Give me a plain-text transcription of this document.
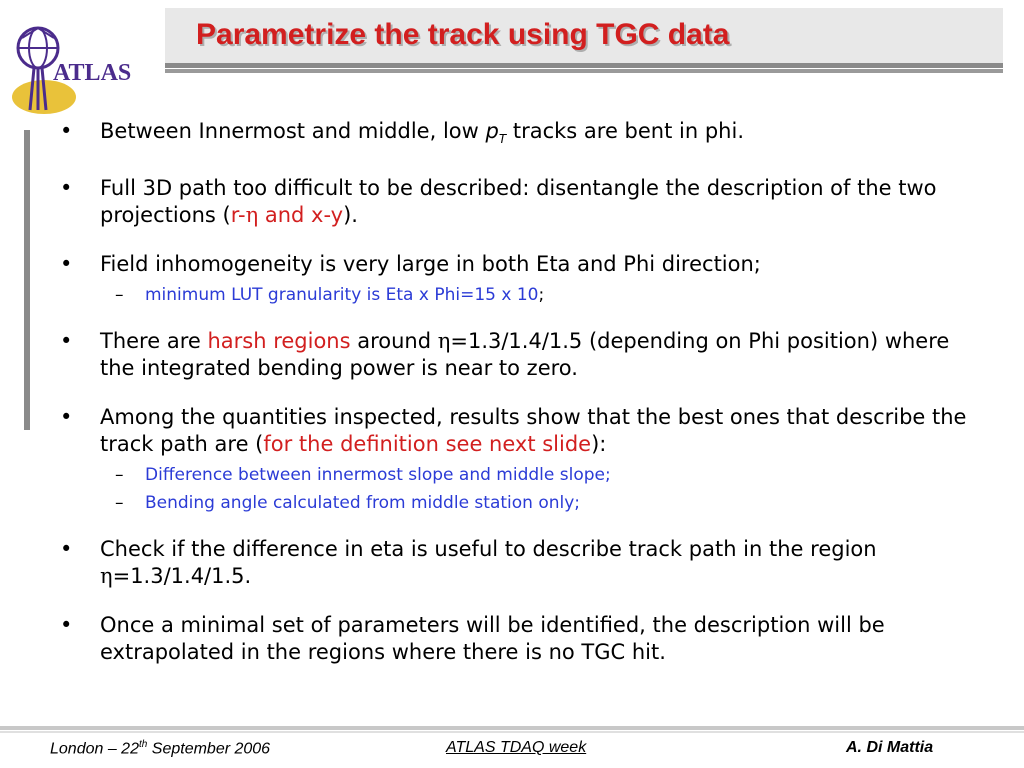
ATLAS
Parametrize the track using TGC data
• Between Innermost and middle, low $p_T$ tracks are bent in phi.
• Full 3D path too difficult to be described: disentangle the description of the two projections (r-η and x-y).
• Field inhomogeneity is very large in both Eta and Phi direction;
– minimum LUT granularity is Eta x Phi=15 x 10;
• There are harsh regions around η=1.3/1.4/1.5 (depending on Phi position) where the integrated bending power is near to zero.
• Among the quantities inspected, results show that the best ones that describe the track path are (for the definition see next slide):
– Difference between innermost slope and middle slope;
– Bending angle calculated from middle station only;
• Check if the difference in eta is useful to describe track path in the region η=1.3/1.4/1.5.
• Once a minimal set of parameters will be identified, the description will be extrapolated in the regions where there is no TGC hit.
London – 22th September 2006	ATLAS TDAQ week	A. Di Mattia
